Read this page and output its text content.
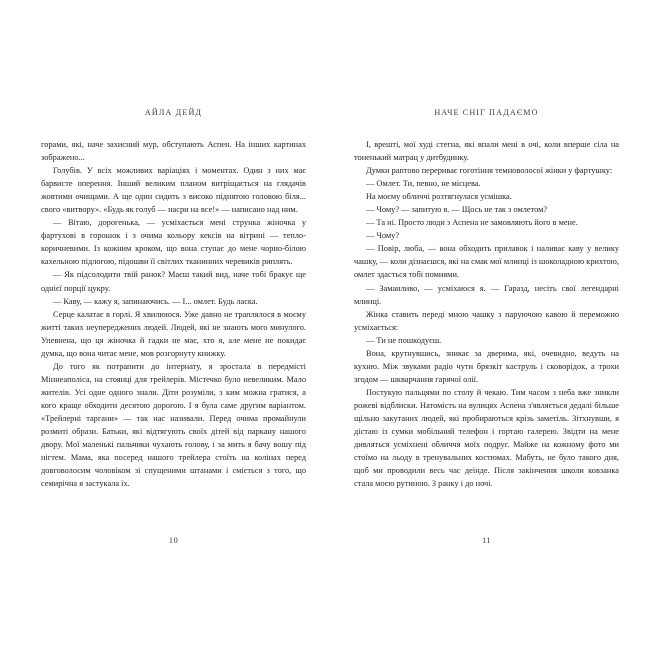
АЙЛА ДЕЙД

горами, які, наче захисний мур, обступають Аспен. На інших картинах зображено...

Голубів. У всіх можливих варіаціях і моментах. Один з них має барвисте оперення. Інший великим планом витріщається на глядачів жовтими очищами. А ще один сидить з високо піднятою головою біля... свого «витвору». «Будь як голуб — насри на все!» — написано над ним.

— Вітаю, дорогенька, — усміхається мені струнка жіночка у фартухові в горошок і з очима кольору кексів на вітрині — тепло-коричневими. Із кожним кроком, що вона ступає до мене чорно-білою кахельною підлогою, підошви її світлих тканинних черевиків риплять.

— Як підсолодити твій ранок? Маєш такий вид, наче тобі бракує ще однієї порції цукру.

— Каву, — кажу я, запинаючись. — І... омлет. Будь ласка.

Серце калатає в горлі. Я хвилююся. Уже давно не траплялося в моєму житті таких неупереджених людей. Людей, які не знають мого минулого. Упевнена, що ця жіночка й гадки не має, хто я, але мене не покидає думка, що вона читає мене, мов розгорнуту книжку.

До того як потрапити до інтернату, я зростала в передмісті Міннеаполіса, на стоянці для трейлерів. Містечко було невеликим. Мало жителів. Усі одне одного знали. Діти розуміли, з ким можна гратися, а кого краще обходити десятою дорогою. І я була саме другим варіантом. «Трейлерні таргани» — так нас називали. Перед очима промайнули розмиті образи. Батьки, які відтягують своїх дітей від паркану нашого двору. Мої маленькі пальчики чухають голову, і за мить я бачу вошу під нігтем. Мама, яка посеред нашого трейлера стоїть на колінах перед довговолосим чоловіком зі спущеними штанами і сміється з того, що семирічна я застукала їх.

10
НАЧЕ СНІГ ПАДАЄМО

І, врешті, мої худі стегна, які впали мені в очі, коли вперше сіла на тоненький матрац у дитбудинку.

Думки раптово перериває гоготіння темноволосої жінки у фартушку:

— Омлет. Ти, певно, не місцева.

На моєму обличчі розтягнулася усмішка.

— Чому? — запитую я. — Щось не так з омлетом?

— Та ні. Просто люди з Аспена не замовляють його в мене.

— Чому?

— Повір, люба, — вона обходить прилавок і наливає каву у велику чашку, — коли дізнаєшся, які на смак мої млинці із шоколадною крихтою, омлет здасться тобі помиями.

— Заманливо, — усміхаюся я. — Гаразд, несіть свої легендарні млинці.

Жінка ставить переді мною чашку з паруючою кавою й переможно усміхається:

— Ти не пошкодуєш.

Вона, крутнувшись, зникає за дверима, які, очевидно, ведуть на кухню. Між звуками радіо чути брязкіт каструль і сковорідок, а трохи згодом — шкварчання гарячої олії.

Постукую пальцями по столу й чекаю. Тим часом з неба вже зникли рожеві відблиски. Натомість на вулицях Аспена з'являється дедалі більше щільно закутаних людей, які пробираються крізь заметіль. Зітхнувши, я дістаю із сумки мобільний телефон і гортаю галерею. Звідти на мене дивляться усміхнені обличчя моїх подруг. Майже на кожному фото ми стоїмо на льоду в тренувальних костюмах. Мабуть, не було такого дня, щоб ми проводили весь час деінде. Після закінчення школи ковзанка стала моєю рутиною. З ранку і до ночі.

11
